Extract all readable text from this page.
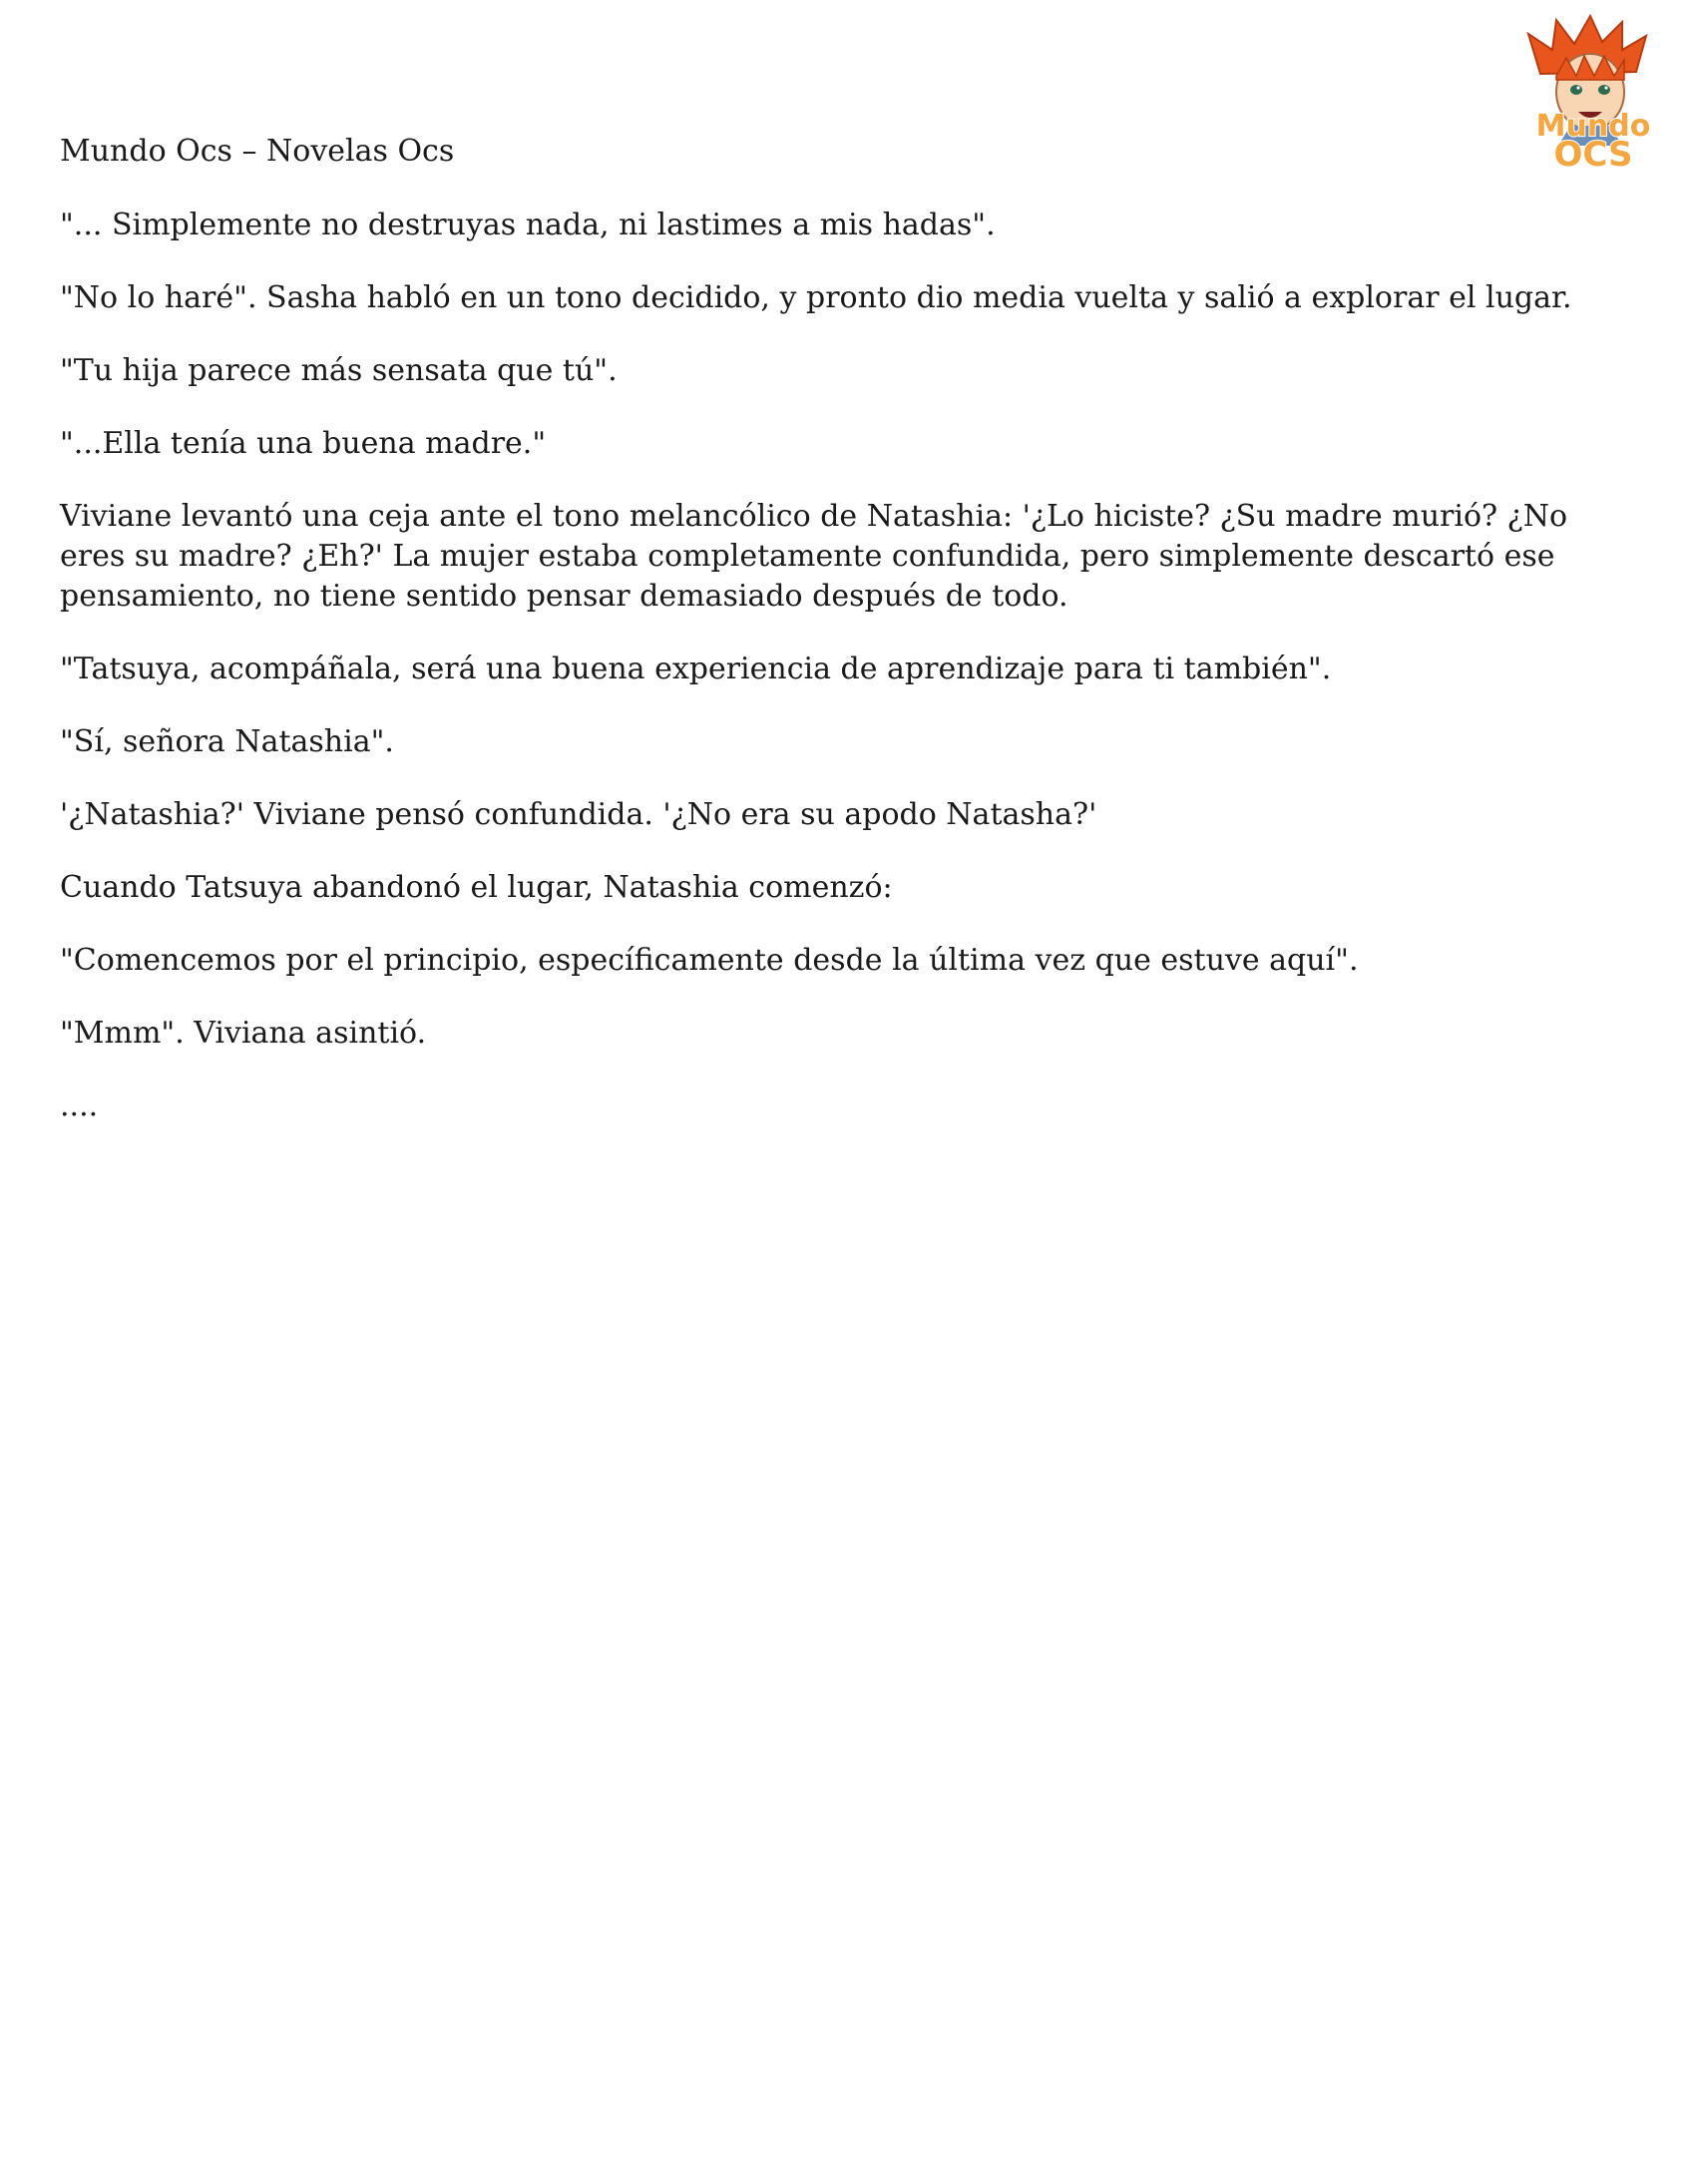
Mundo Ocs – Novelas Ocs
Mundo
OCS

"... Simplemente no destruyas nada, ni lastimes a mis hadas".

"No lo haré". Sasha habló en un tono decidido, y pronto dio media vuelta y salió a explorar el lugar.

"Tu hija parece más sensata que tú".

"...Ella tenía una buena madre."

Viviane levantó una ceja ante el tono melancólico de Natashia: '¿Lo hiciste? ¿Su madre murió? ¿No eres su madre? ¿Eh?' La mujer estaba completamente confundida, pero simplemente descartó ese pensamiento, no tiene sentido pensar demasiado después de todo.

"Tatsuya, acompáñala, será una buena experiencia de aprendizaje para ti también".

"Sí, señora Natashia".

'¿Natashia?' Viviane pensó confundida. '¿No era su apodo Natasha?'

Cuando Tatsuya abandonó el lugar, Natashia comenzó:

"Comencemos por el principio, específicamente desde la última vez que estuve aquí".

"Mmm". Viviana asintió.

....
